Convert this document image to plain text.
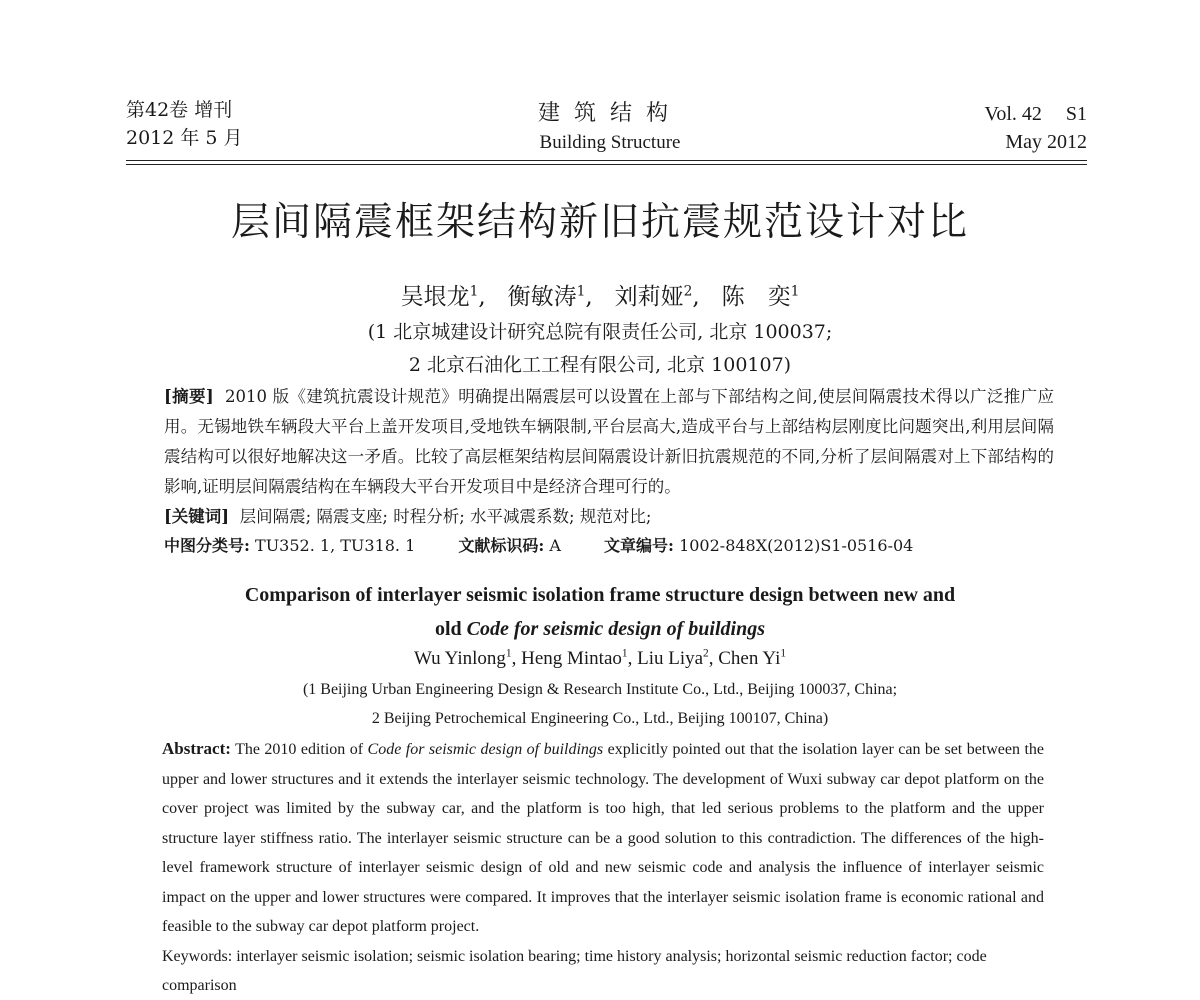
第42卷 增刊
2012 年 5 月
建筑结构
Building Structure
Vol. 42 S1
May 2012
层间隔震框架结构新旧抗震规范设计对比
吴垠龙$^1$,   衡敏涛$^1$,   刘莉娅$^2$,   陈　奕$^1$
(1 北京城建设计研究总院有限责任公司, 北京 100037;
2 北京石油化工工程有限公司, 北京 100107)
[摘要] 2010 版《建筑抗震设计规范》明确提出隔震层可以设置在上部与下部结构之间,使层间隔震技术得以广泛推广应用。无锡地铁车辆段大平台上盖开发项目,受地铁车辆限制,平台层高大,造成平台与上部结构层刚度比问题突出,利用层间隔震结构可以很好地解决这一矛盾。比较了高层框架结构层间隔震设计新旧抗震规范的不同,分析了层间隔震对上下部结构的影响,证明层间隔震结构在车辆段大平台开发项目中是经济合理可行的。
[关键词] 层间隔震; 隔震支座; 时程分析; 水平减震系数; 规范对比;
中图分类号: TU352. 1, TU318. 1	文献标识码: A	文章编号: 1002-848X(2012)S1-0516-04
Comparison of interlayer seismic isolation frame structure design between new and
old Code for seismic design of buildings
Wu Yinlong$^1$, Heng Mintao$^1$, Liu Liya$^2$, Chen Yi$^1$
(1 Beijing Urban Engineering Design & Research Institute Co., Ltd., Beijing 100037, China;
2 Beijing Petrochemical Engineering Co., Ltd., Beijing 100107, China)
Abstract: The 2010 edition of Code for seismic design of buildings explicitly pointed out that the isolation layer can be set between the upper and lower structures and it extends the interlayer seismic technology. The development of Wuxi subway car depot platform on the cover project was limited by the subway car, and the platform is too high, that led serious problems to the platform and the upper structure layer stiffness ratio. The interlayer seismic structure can be a good solution to this contradiction. The differences of the high-level framework structure of interlayer seismic design of old and new seismic code and analysis the influence of interlayer seismic impact on the upper and lower structures were compared. It improves that the interlayer seismic isolation frame is economic rational and feasible to the subway car depot platform project.
Keywords: interlayer seismic isolation; seismic isolation bearing; time history analysis; horizontal seismic reduction factor; code comparison
